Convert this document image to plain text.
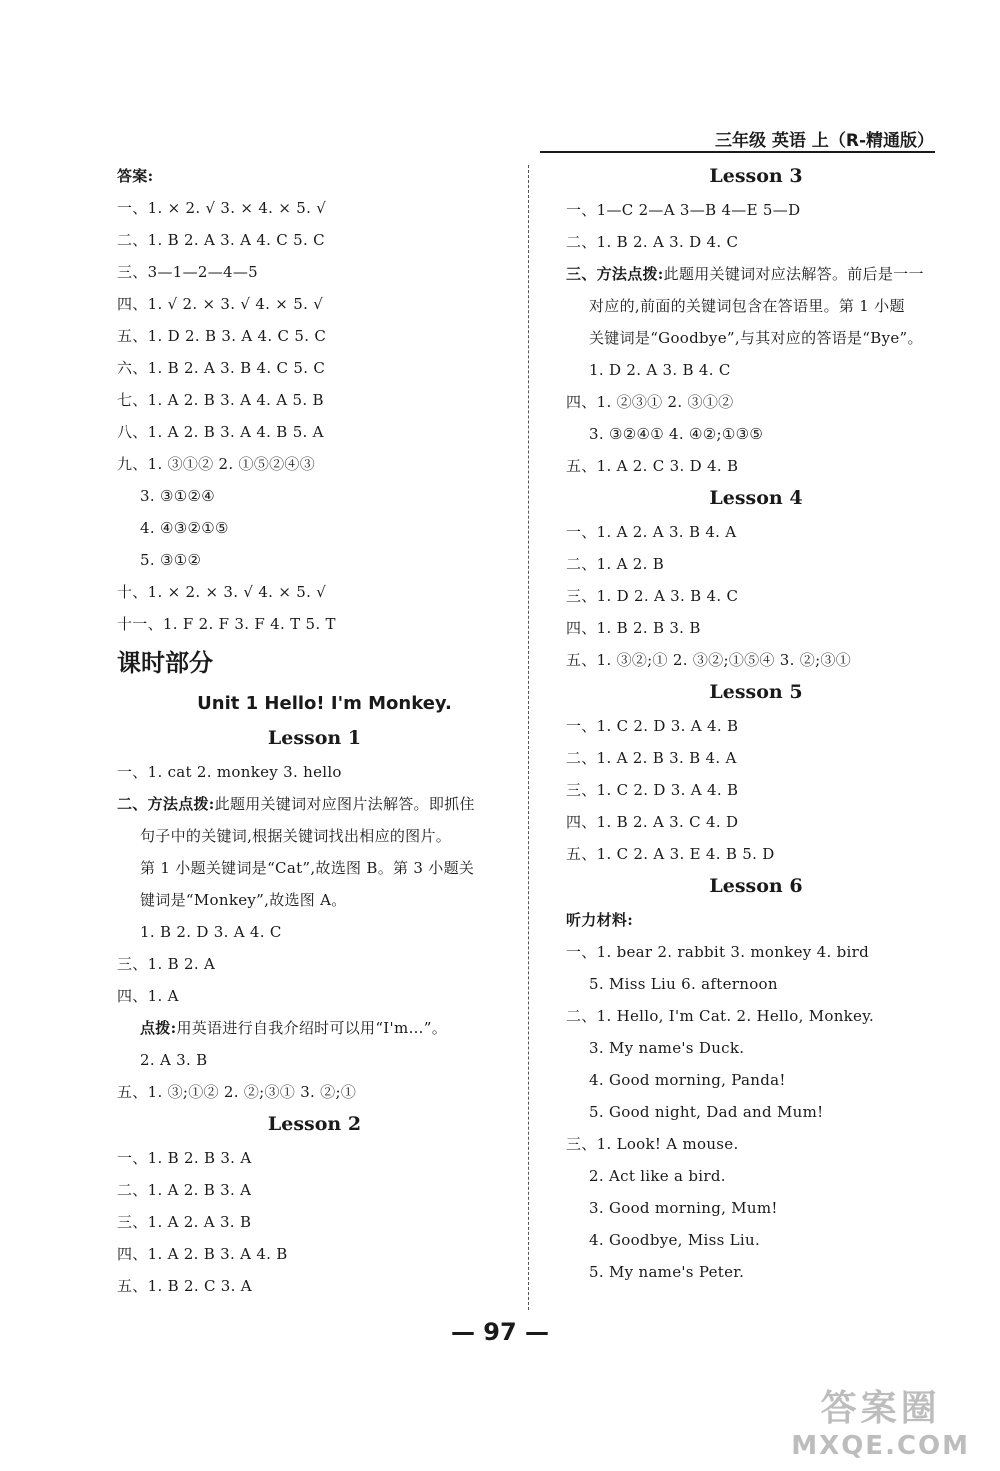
三年级 英语 上（R-精通版）
答案:
一、1. × 2. √ 3. × 4. × 5. √
二、1. B 2. A 3. A 4. C 5. C
三、3—1—2—4—5
四、1. √ 2. × 3. √ 4. × 5. √
五、1. D 2. B 3. A 4. C 5. C
六、1. B 2. A 3. B 4. C 5. C
七、1. A 2. B 3. A 4. A 5. B
八、1. A 2. B 3. A 4. B 5. A
九、1. ③①② 2. ①⑤②④③
3. ③①②④
4. ④③②①⑤
5. ③①②
十、1. × 2. × 3. √ 4. × 5. √
十一、1. F 2. F 3. F 4. T 5. T
课时部分
Unit 1 Hello! I'm Monkey.
Lesson 1
一、1. cat 2. monkey 3. hello
二、方法点拨:此题用关键词对应图片法解答。即抓住
句子中的关键词,根据关键词找出相应的图片。
第 1 小题关键词是“Cat”,故选图 B。第 3 小题关
键词是“Monkey”,故选图 A。
1. B 2. D 3. A 4. C
三、1. B 2. A
四、1. A
点拨:用英语进行自我介绍时可以用“I'm…”。
2. A 3. B
五、1. ③;①② 2. ②;③① 3. ②;①
Lesson 2
一、1. B 2. B 3. A
二、1. A 2. B 3. A
三、1. A 2. A 3. B
四、1. A 2. B 3. A 4. B
五、1. B 2. C 3. A
Lesson 3
一、1—C 2—A 3—B 4—E 5—D
二、1. B 2. A 3. D 4. C
三、方法点拨:此题用关键词对应法解答。前后是一一
对应的,前面的关键词包含在答语里。第 1 小题
关键词是“Goodbye”,与其对应的答语是“Bye”。
1. D 2. A 3. B 4. C
四、1. ②③① 2. ③①②
3. ③②④① 4. ④②;①③⑤
五、1. A 2. C 3. D 4. B
Lesson 4
一、1. A 2. A 3. B 4. A
二、1. A 2. B
三、1. D 2. A 3. B 4. C
四、1. B 2. B 3. B
五、1. ③②;① 2. ③②;①⑤④ 3. ②;③①
Lesson 5
一、1. C 2. D 3. A 4. B
二、1. A 2. B 3. B 4. A
三、1. C 2. D 3. A 4. B
四、1. B 2. A 3. C 4. D
五、1. C 2. A 3. E 4. B 5. D
Lesson 6
听力材料:
一、1. bear 2. rabbit 3. monkey 4. bird
5. Miss Liu 6. afternoon
二、1. Hello, I'm Cat. 2. Hello, Monkey.
3. My name's Duck.
4. Good morning, Panda!
5. Good night, Dad and Mum!
三、1. Look! A mouse.
2. Act like a bird.
3. Good morning, Mum!
4. Goodbye, Miss Liu.
5. My name's Peter.
— 97 —
答案圈
MXQE.COM
